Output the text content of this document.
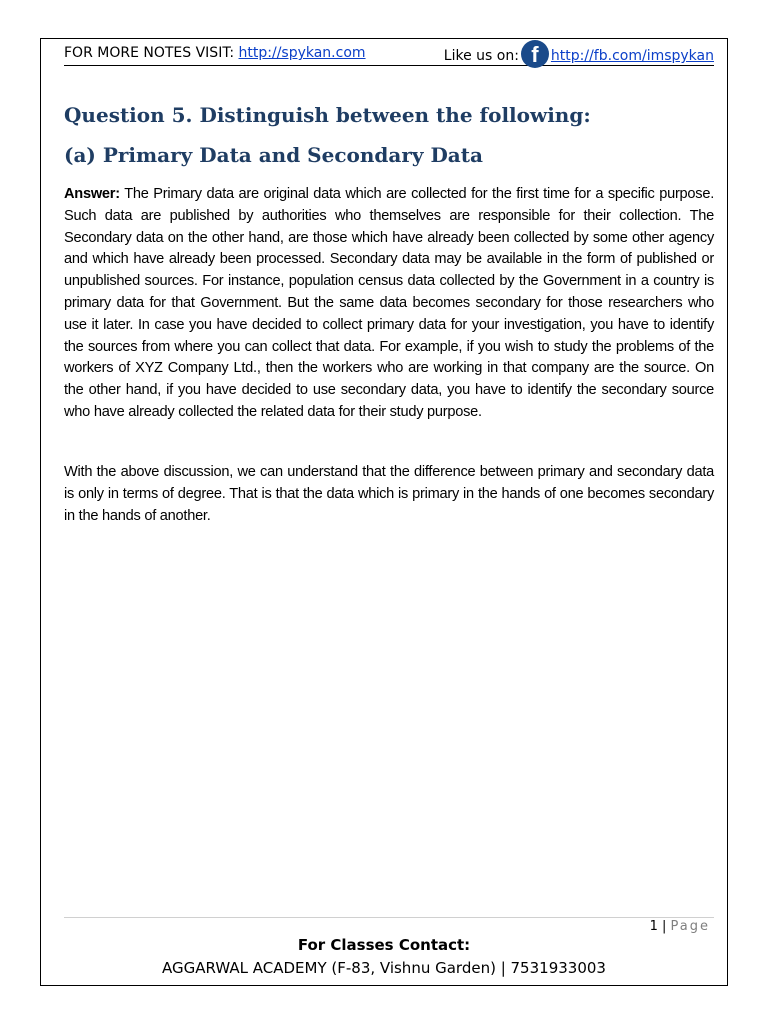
FOR MORE NOTES VISIT: http://spykan.com	Like us on: f http://fb.com/imspykan
Question 5. Distinguish between the following:
(a) Primary Data and Secondary Data

Answer: The Primary data are original data which are collected for the first time for a specific purpose. Such data are published by authorities who themselves are responsible for their collection. The Secondary data on the other hand, are those which have already been collected by some other agency and which have already been processed. Secondary data may be available in the form of published or unpublished sources. For instance, population census data collected by the Government in a country is primary data for that Government. But the same data becomes secondary for those researchers who use it later. In case you have decided to collect primary data for your investigation, you have to identify the sources from where you can collect that data. For example, if you wish to study the problems of the workers of XYZ Company Ltd., then the workers who are working in that company are the source. On the other hand, if you have decided to use secondary data, you have to identify the secondary source who have already collected the related data for their study purpose.

With the above discussion, we can understand that the difference between primary and secondary data is only in terms of degree. That is that the data which is primary in the hands of one becomes secondary in the hands of another.

1 | Page
For Classes Contact:
AGGARWAL ACADEMY (F-83, Vishnu Garden) | 7531933003
